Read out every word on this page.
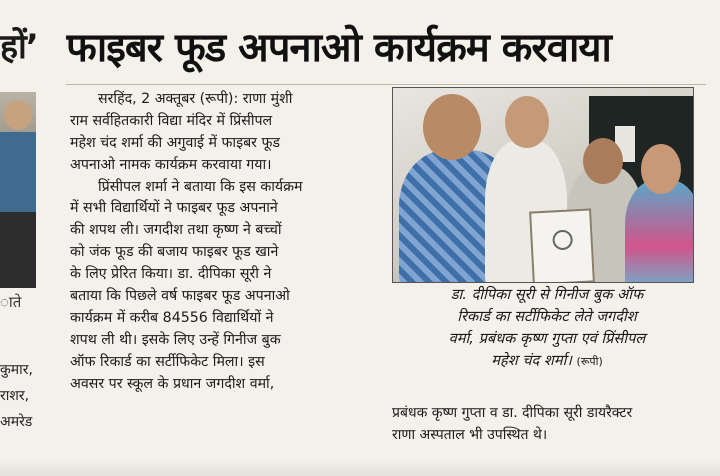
हों’
ाते
कुमार,
राशर,
अमरेड
फाइबर फूड अपनाओ कार्यक्रम करवाया
सरहिंद, 2 अक्तूबर (रूपी): राणा मुंशी
राम सर्वहितकारी विद्या मंदिर में प्रिंसीपल
महेश चंद शर्मा की अगुवाई में फाइबर फूड
अपनाओ नामक कार्यक्रम करवाया गया।
प्रिंसीपल शर्मा ने बताया कि इस कार्यक्रम
में सभी विद्यार्थियों ने फाइबर फूड अपनाने
की शपथ ली। जगदीश तथा कृष्ण ने बच्चों
को जंक फूड की बजाय फाइबर फूड खाने
के लिए प्रेरित किया। डा. दीपिका सूरी ने
बताया कि पिछले वर्ष फाइबर फूड अपनाओ
कार्यक्रम में करीब 84556 विद्यार्थियों ने
शपथ ली थी। इसके लिए उन्हें गिनीज बुक
ऑफ रिकार्ड का सर्टीफिकेट मिला। इस
अवसर पर स्कूल के प्रधान जगदीश वर्मा,
डा. दीपिका सूरी से गिनीज बुक ऑफ
रिकार्ड का सर्टीफिकेट लेते जगदीश
वर्मा, प्रबंधक कृष्ण गुप्ता एवं प्रिंसीपल
महेश चंद शर्मा। (रूपी)
प्रबंधक कृष्ण गुप्ता व डा. दीपिका सूरी डायरैक्टर
राणा अस्पताल भी उपस्थित थे।
